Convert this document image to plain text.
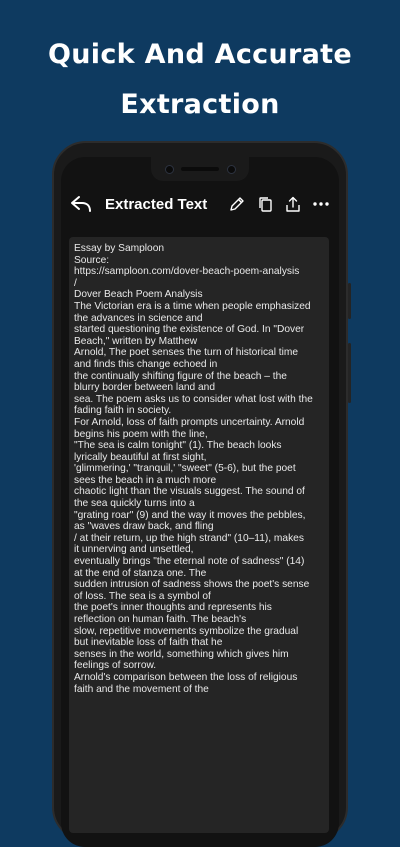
Quick And Accurate
Extraction
Extracted Text
Essay by Samploon
Source:
https://samploon.com/dover-beach-poem-analysis
/
Dover Beach Poem Analysis
The Victorian era is a time when people emphasized
the advances in science and
started questioning the existence of God. In "Dover
Beach," written by Matthew
Arnold, The poet senses the turn of historical time
and finds this change echoed in
the continually shifting figure of the beach – the
blurry border between land and
sea. The poem asks us to consider what lost with the
fading faith in society.
For Arnold, loss of faith prompts uncertainty. Arnold
begins his poem with the line,
"The sea is calm tonight" (1). The beach looks
lyrically beautiful at first sight,
'glimmering,' "tranquil,' "sweet" (5-6), but the poet
sees the beach in a much more
chaotic light than the visuals suggest. The sound of
the sea quickly turns into a
"grating roar" (9) and the way it moves the pebbles,
as "waves draw back, and fling
/ at their return, up the high strand" (10–11), makes
it unnerving and unsettled,
eventually brings "the eternal note of sadness" (14)
at the end of stanza one. The
sudden intrusion of sadness shows the poet's sense
of loss. The sea is a symbol of
the poet's inner thoughts and represents his
reflection on human faith. The beach's
slow, repetitive movements symbolize the gradual
but inevitable loss of faith that he
senses in the world, something which gives him
feelings of sorrow.
Arnold's comparison between the loss of religious
faith and the movement of the
